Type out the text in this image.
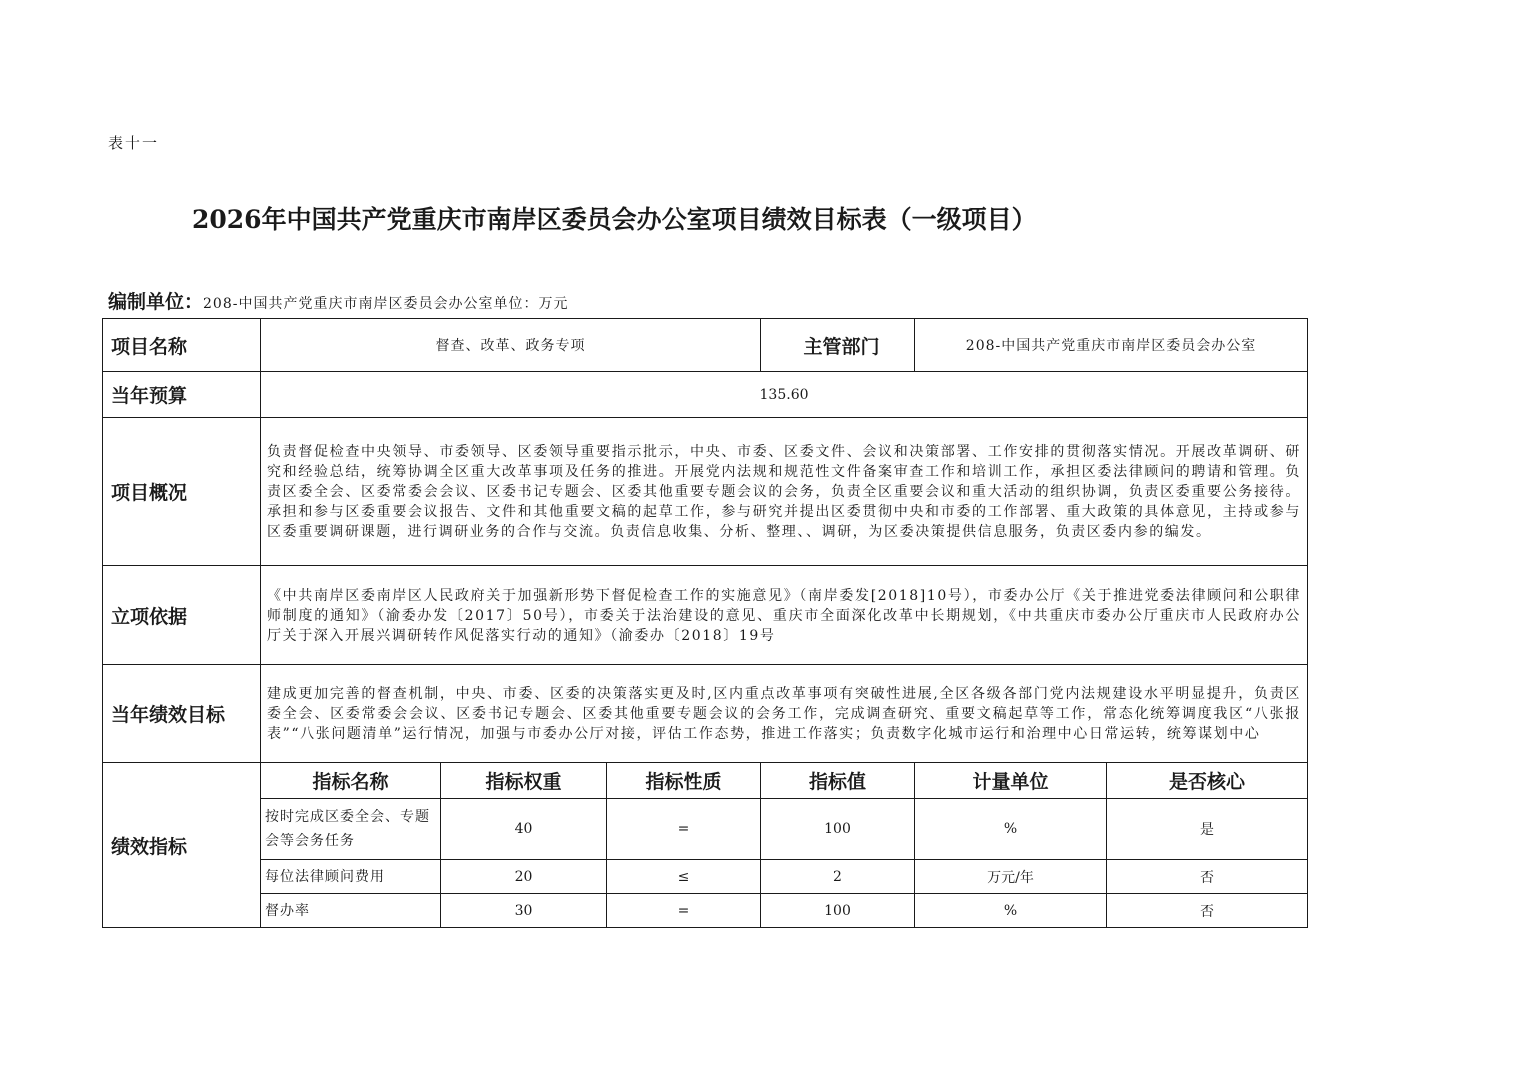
表十一
2026年中国共产党重庆市南岸区委员会办公室项目绩效目标表（一级项目）
编制单位：208-中国共产党重庆市南岸区委员会办公室单位：万元
项目名称	督查、改革、政务专项			主管部门	208-中国共产党重庆市南岸区委员会办公室	
当年预算	135.60					
项目概况	负责督促检查中央领导、市委领导、区委领导重要指示批示，中央、市委、区委文件、会议和决策部署、工作安排的贯彻落实情况。开展改革调研、研究和经验总结，统筹协调全区重大改革事项及任务的推进。开展党内法规和规范性文件备案审查工作和培训工作，承担区委法律顾问的聘请和管理。负责区委全会、区委常委会会议、区委书记专题会、区委其他重要专题会议的会务，负责全区重要会议和重大活动的组织协调，负责区委重要公务接待。承担和参与区委重要会议报告、文件和其他重要文稿的起草工作，参与研究并提出区委贯彻中央和市委的工作部署、重大政策的具体意见，主持或参与区委重要调研课题，进行调研业务的合作与交流。负责信息收集、分析、整理、、调研，为区委决策提供信息服务，负责区委内参的编发。					
立项依据	《中共南岸区委南岸区人民政府关于加强新形势下督促检查工作的实施意见》（南岸委发[2018]10号），市委办公厅《关于推进党委法律顾问和公职律师制度的通知》（渝委办发〔2017〕50号），市委关于法治建设的意见、重庆市全面深化改革中长期规划，《中共重庆市委办公厅重庆市人民政府办公厅关于深入开展兴调研转作风促落实行动的通知》（渝委办〔2018〕19号					
当年绩效目标	建成更加完善的督查机制，中央、市委、区委的决策落实更及时,区内重点改革事项有突破性进展,全区各级各部门党内法规建设水平明显提升，负责区委全会、区委常委会会议、区委书记专题会、区委其他重要专题会议的会务工作，完成调查研究、重要文稿起草等工作，常态化统筹调度我区“八张报表”“八张问题清单”运行情况，加强与市委办公厅对接，评估工作态势，推进工作落实；负责数字化城市运行和治理中心日常运转，统筹谋划中心					
绩效指标	指标名称	指标权重	指标性质	指标值	计量单位	是否核心
	按时完成区委全会、专题会等会务任务	40	=	100	%	是
	每位法律顾问费用	20	≤	2	万元/年	否
	督办率	30	=	100	%	否
